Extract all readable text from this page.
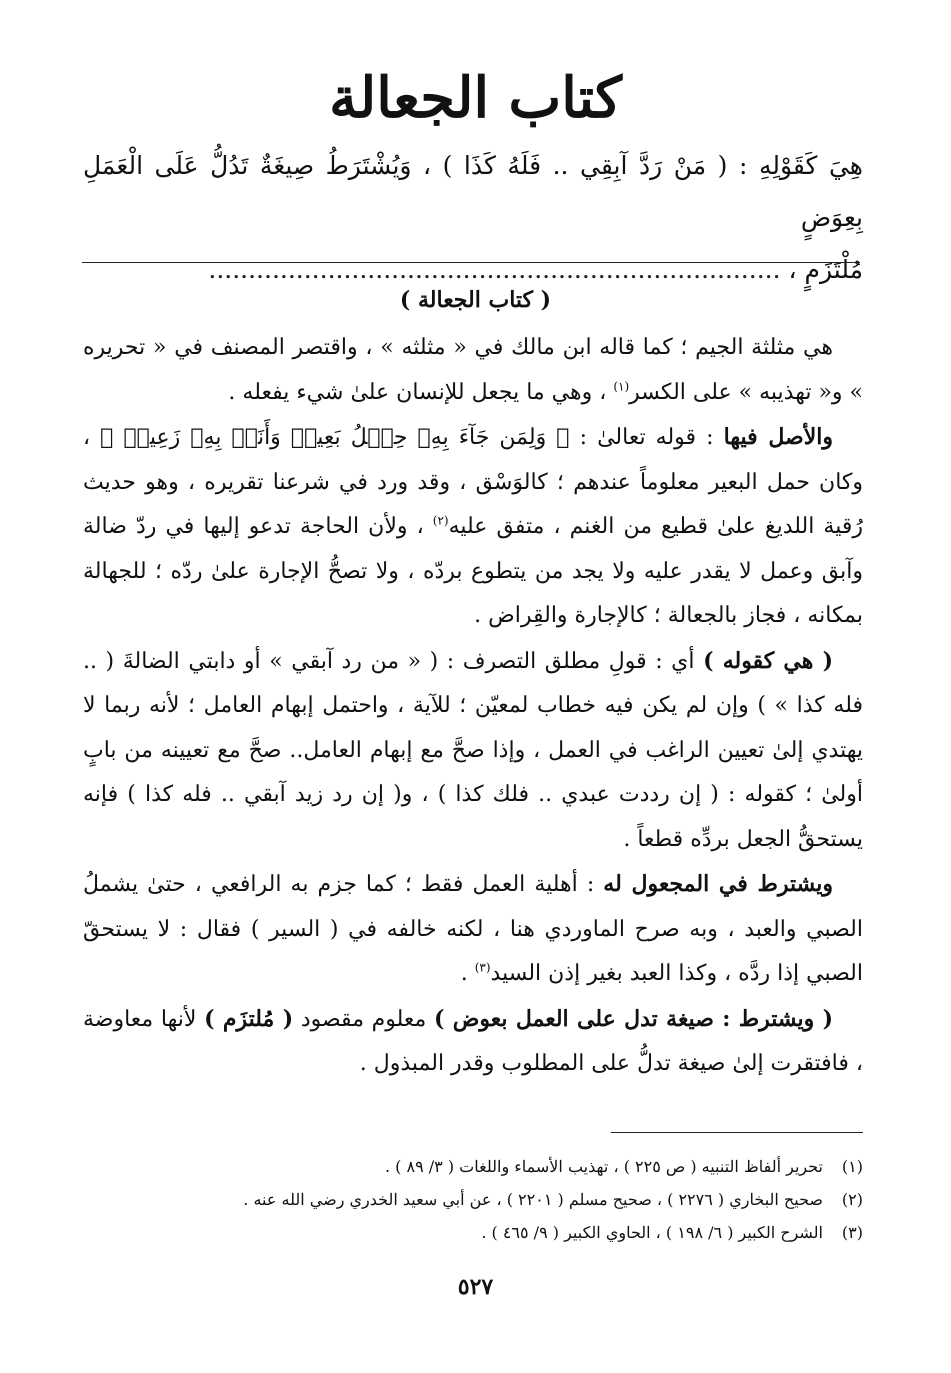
كتاب الجعالة
هِيَ كَقَوْلِهِ : ( مَنْ رَدَّ آبِقِي .. فَلَهُ كَذَا ) ، وَيُشْتَرَطُ صِيغَةٌ تَدُلُّ عَلَى الْعَمَلِ بِعِوَضٍ
مُلْتَزَمٍ ، ........................................................................
( كتاب الجعالة )

هي مثلثة الجيم ؛ كما قاله ابن مالك في « مثلثه » ، واقتصر المصنف في « تحريره » و« تهذيبه » على الكسر$^{(١)}$ ، وهي ما يجعل للإنسان علىٰ شيء يفعله .

والأصل فيها : قوله تعالىٰ : ﴿ وَلِمَن جَآءَ بِهِۦ حِمۡلُ بَعِيرٖ وَأَنَا۠ بِهِۦ زَعِيمٞ ﴾ ، وكان حمل البعير معلوماً عندهم ؛ كالوَسْق ، وقد ورد في شرعنا تقريره ، وهو حديث رُقية اللديغ علىٰ قطيع من الغنم ، متفق عليه$^{(٢)}$ ، ولأن الحاجة تدعو إليها في ردّ ضالة وآبق وعمل لا يقدر عليه ولا يجد من يتطوع بردّه ، ولا تصحُّ الإجارة علىٰ ردّه ؛ للجهالة بمكانه ، فجاز بالجعالة ؛ كالإجارة والقِراض .

( هي كقوله ) أي : قولِ مطلق التصرف : ( « من رد آبقي » أو دابتي الضالةَ ( .. فله كذا » ) وإن لم يكن فيه خطاب لمعيّن ؛ للآية ، واحتمل إبهام العامل ؛ لأنه ربما لا يهتدي إلىٰ تعيين الراغب في العمل ، وإذا صحَّ مع إبهام العامل.. صحَّ مع تعيينه من بابٍ أولىٰ ؛ كقوله : ( إن رددت عبدي .. فلك كذا ) ، و( إن رد زيد آبقي .. فله كذا ) فإنه يستحقُّ الجعل بردِّه قطعاً .

ويشترط في المجعول له : أهلية العمل فقط ؛ كما جزم به الرافعي ، حتىٰ يشملُ الصبي والعبد ، وبه صرح الماوردي هنا ، لكنه خالفه في ( السير ) فقال : لا يستحقّ الصبي إذا ردَّه ، وكذا العبد بغير إذن السيد$^{(٣)}$ .

( ويشترط : صيغة تدل على العمل بعوض ) معلوم مقصود ( مُلتزَم ) لأنها معاوضة ، فافتقرت إلىٰ صيغة تدلُّ على المطلوب وقدر المبذول .

(١)تحرير ألفاظ التنبيه ( ص ٢٢٥ ) ، تهذيب الأسماء واللغات ( ٣/ ٨٩ ) .
(٢)صحيح البخاري ( ٢٢٧٦ ) ، صحيح مسلم ( ٢٢٠١ ) ، عن أبي سعيد الخدري رضي الله عنه .
(٣)الشرح الكبير ( ٦/ ١٩٨ ) ، الحاوي الكبير ( ٩/ ٤٦٥ ) .
٥٢٧
